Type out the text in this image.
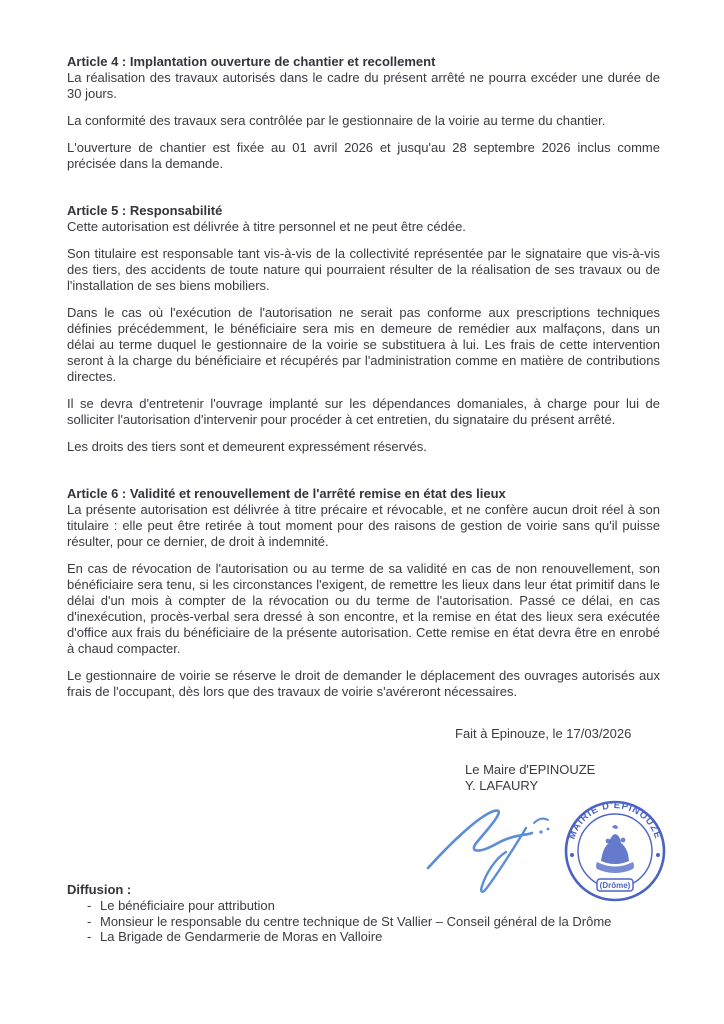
Article 4 : Implantation ouverture de chantier et recollement

La réalisation des travaux autorisés dans le cadre du présent arrêté ne pourra excéder une durée de 30 jours.

La conformité des travaux sera contrôlée par le gestionnaire de la voirie au terme du chantier.

L'ouverture de chantier est fixée au 01 avril 2026 et jusqu'au 28 septembre 2026 inclus comme précisée dans la demande.

Article 5 : Responsabilité

Cette autorisation est délivrée à titre personnel et ne peut être cédée.

Son titulaire est responsable tant vis-à-vis de la collectivité représentée par le signataire que vis-à-vis des tiers, des accidents de toute nature qui pourraient résulter de la réalisation de ses travaux ou de l'installation de ses biens mobiliers.

Dans le cas où l'exécution de l'autorisation ne serait pas conforme aux prescriptions techniques définies précédemment, le bénéficiaire sera mis en demeure de remédier aux malfaçons, dans un délai au terme duquel le gestionnaire de la voirie se substituera à lui. Les frais de cette intervention seront à la charge du bénéficiaire et récupérés par l'administration comme en matière de contributions directes.

Il se devra d'entretenir l'ouvrage implanté sur les dépendances domaniales, à charge pour lui de solliciter l'autorisation d'intervenir pour procéder à cet entretien, du signataire du présent arrêté.

Les droits des tiers sont et demeurent expressément réservés.

Article 6 : Validité et renouvellement de l'arrêté remise en état des lieux

La présente autorisation est délivrée à titre précaire et révocable, et ne confère aucun droit réel à son titulaire : elle peut être retirée à tout moment pour des raisons de gestion de voirie sans qu'il puisse résulter, pour ce dernier, de droit à indemnité.

En cas de révocation de l'autorisation ou au terme de sa validité en cas de non renouvellement, son bénéficiaire sera tenu, si les circonstances l'exigent, de remettre les lieux dans leur état primitif dans le délai d'un mois à compter de la révocation ou du terme de l'autorisation. Passé ce délai, en cas d'inexécution, procès-verbal sera dressé à son encontre, et la remise en état des lieux sera exécutée d'office aux frais du bénéficiaire de la présente autorisation. Cette remise en état devra être en enrobé à chaud compacter.

Le gestionnaire de voirie se réserve le droit de demander le déplacement des ouvrages autorisés aux frais de l'occupant, dès lors que des travaux de voirie s'avéreront nécessaires.

Fait à Epinouze, le 17/03/2026

Le Maire d'EPINOUZE

Y. LAFAURY

MAIRIE D'EPINOUZE
(Drôme)

Diffusion :

- Le bénéficiaire pour attribution
- Monsieur le responsable du centre technique de St Vallier – Conseil général de la Drôme
- La Brigade de Gendarmerie de Moras en Valloire
